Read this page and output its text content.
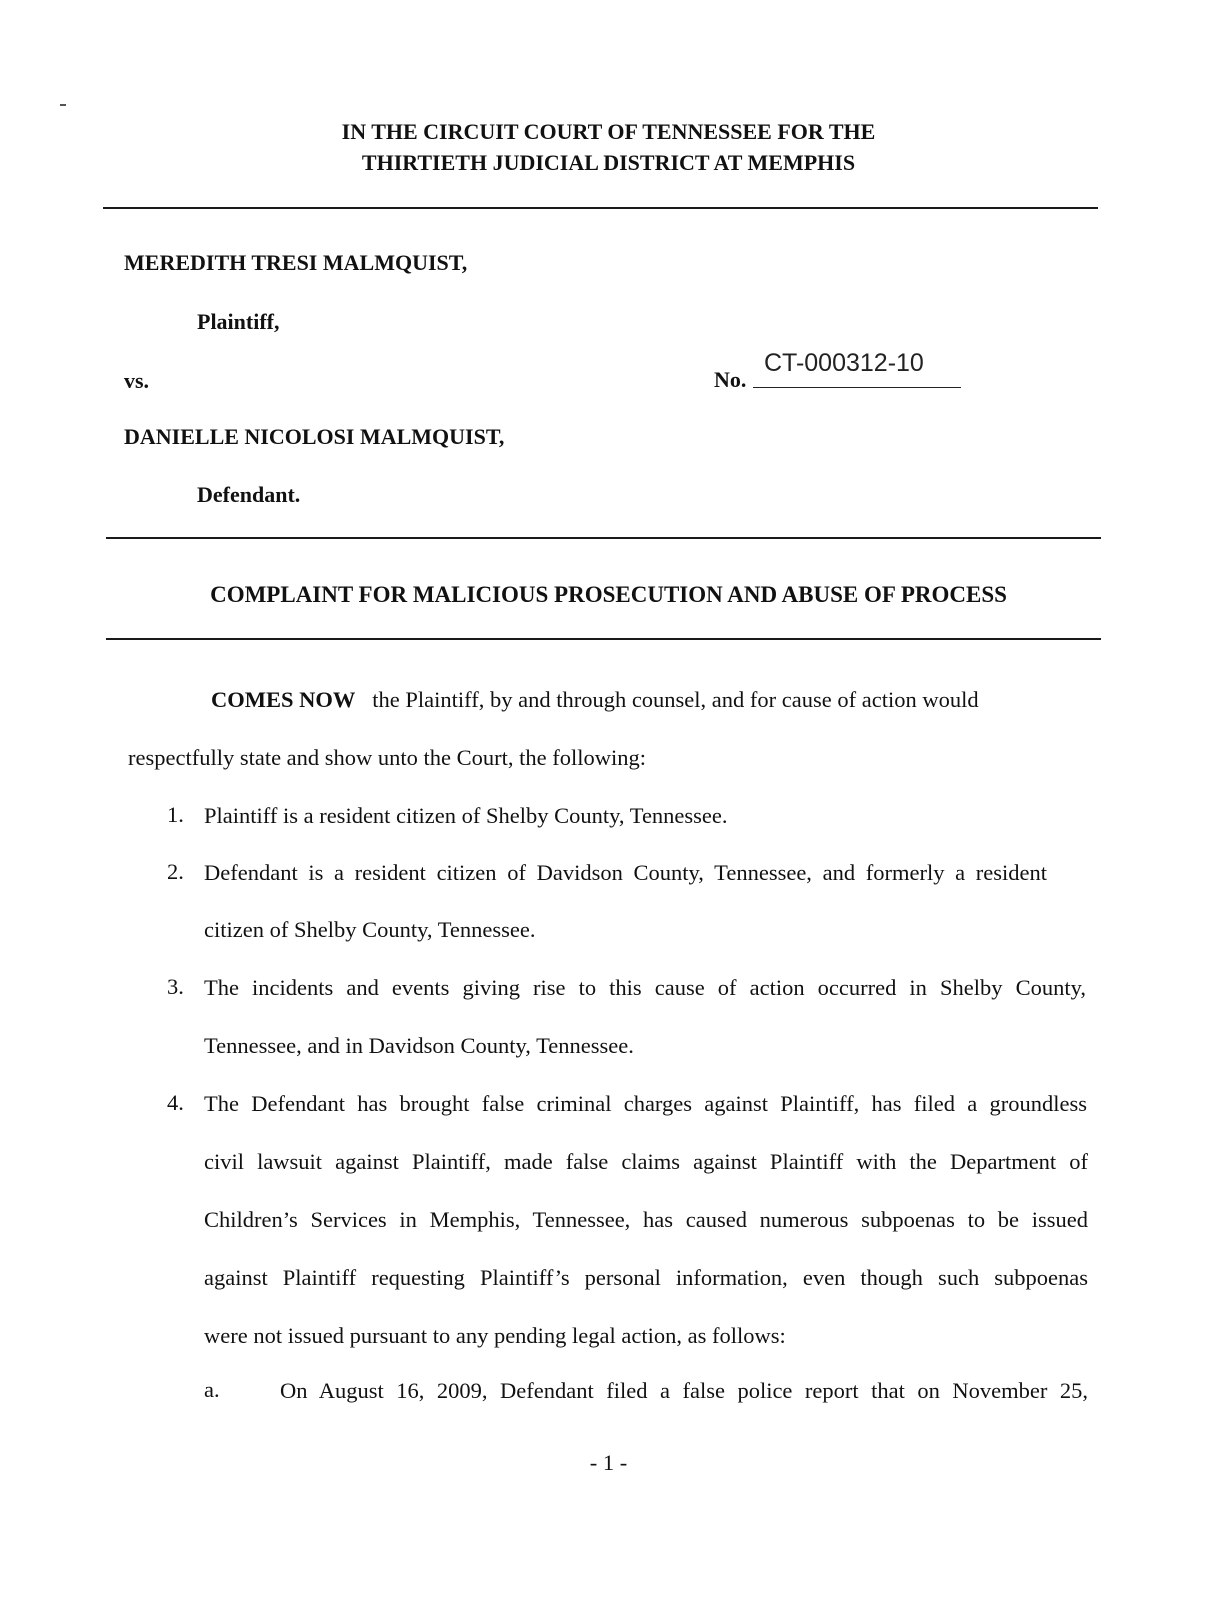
IN THE CIRCUIT COURT OF TENNESSEE FOR THE
THIRTIETH JUDICIAL DISTRICT AT MEMPHIS
MEREDITH TRESI MALMQUIST,
Plaintiff,
vs.	No.
CT-000312-10
DANIELLE NICOLOSI MALMQUIST,
Defendant.
COMPLAINT FOR MALICIOUS PROSECUTION AND ABUSE OF PROCESS
COMES NOW the Plaintiff, by and through counsel, and for cause of action would
respectfully state and show unto the Court, the following:
1. Plaintiff is a resident citizen of Shelby County, Tennessee.
2. Defendant is a resident citizen of Davidson County, Tennessee, and formerly a resident
citizen of Shelby County, Tennessee.
3. The incidents and events giving rise to this cause of action occurred in Shelby County,
Tennessee, and in Davidson County, Tennessee.
4. The Defendant has brought false criminal charges against Plaintiff, has filed a groundless
civil lawsuit against Plaintiff, made false claims against Plaintiff with the Department of
Children’s Services in Memphis, Tennessee, has caused numerous subpoenas to be issued
against Plaintiff requesting Plaintiff’s personal information, even though such subpoenas
were not issued pursuant to any pending legal action, as follows:
a.	On August 16, 2009, Defendant filed a false police report that on November 25,
- 1 -
